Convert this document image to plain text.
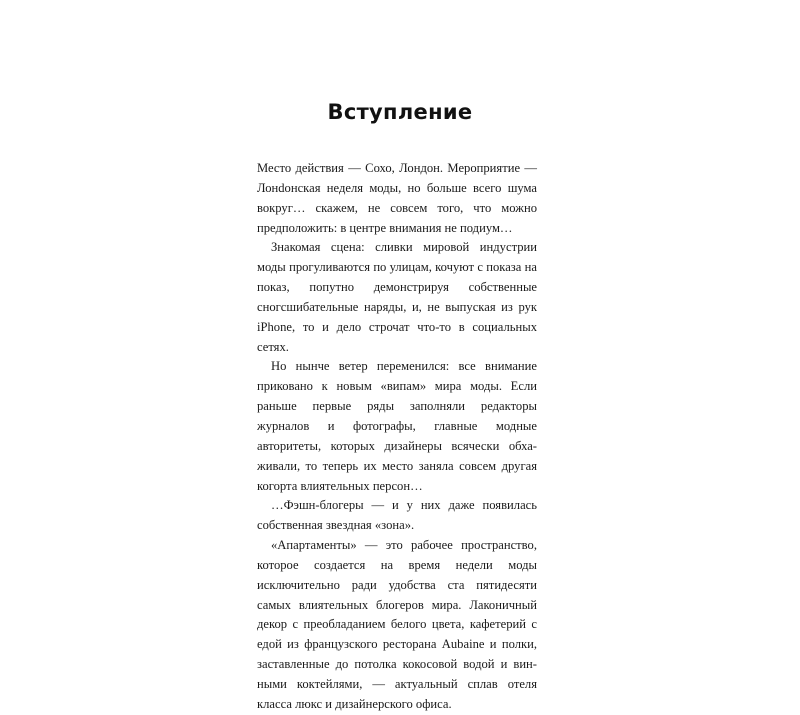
Вступление

Место действия — Сохо, Лондон. Мероприятие — Лонdонская неделя моды, но больше всего шума вокруг… скажем, не совсем того, что можно предположить: в центре внимания не подиум…

Знакомая сцена: сливки мировой индустрии моды прогуливаются по улицам, кочуют с показа на показ, попутно демонстрируя собственные сногсшибательные наряды, и, не выпуская из рук iPhone, то и дело строчат что-то в социальных сетях.

Но нынче ветер переменился: все внимание приковано к новым «випам» мира моды. Если раньше первые ряды заполняли редакторы журналов и фотографы, главные модные авторитеты, которых дизайнеры всячески обхаживали, то теперь их место заняла совсем другая когорта влиятельных персон…

…Фэшн-блогеры — и у них даже появилась собственная звездная «зона».

«Апартаменты» — это рабочее пространство, которое создается на время недели моды исключительно ради удобства ста пятидесяти самых влиятельных блогеров мира. Лаконичный декор с преобладанием белого цвета, кафетерий с едой из французского ресторана Aubaine и полки, заставленные до потолка кокосовой водой и винными коктейлями, — актуальный сплав отеля класса люкс и дизайнерского офиса.
